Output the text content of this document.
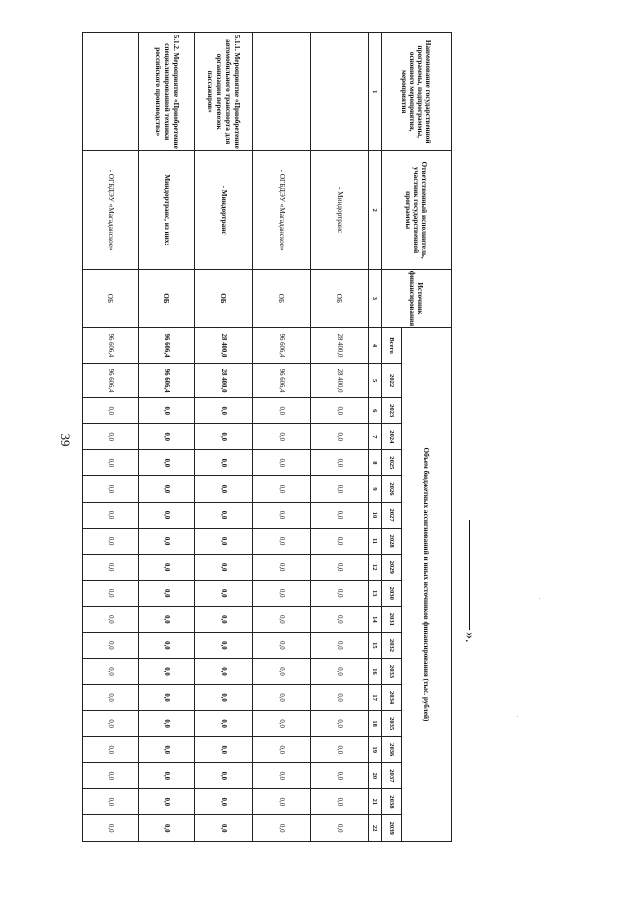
39
Наименование государственной программы, подпрограммы, основного мероприятия, мероприятия	Ответственный исполнитель, участник государственной программы	Источник финансирования	Объем бюджетных ассигнований и иных источников финансирования (тыс. рублей)																		
			Всего	2022	2023	2024	2025	2026	2027	2028	2029	2030	2031	2032	2033	2034	2035	2036	2037	2038	2039
1	2	3	4	5	6	7	8	9	10	11	12	13	14	15	16	17	18	19	20	21	22
	- Миндортранс	ОБ	28 400,0	28 400,0	0,0	0,0	0,0	0,0	0,0	0,0	0,0	0,0	0,0	0,0	0,0	0,0	0,0	0,0	0,0	0,0	0,0
	- ОГБДЭУ «Магаданское»	ОБ	96 606,4	96 606,4	0,0	0,0	0,0	0,0	0,0	0,0	0,0	0,0	0,0	0,0	0,0	0,0	0,0	0,0	0,0	0,0	0,0
5.1.1. Мероприятие «Приобретение автомобильного транспорта для организации перевозок пассажиров»	- Миндортранс	ОБ	28 400,0	28 400,0	0,0	0,0	0,0	0,0	0,0	0,0	0,0	0,0	0,0	0,0	0,0	0,0	0,0	0,0	0,0	0,0	0,0
5.1.2. Мероприятие «Приобретение специализированной техники российского производства»	Миндортранс, из них:	ОБ	96 606,4	96 606,4	0,0	0,0	0,0	0,0	0,0	0,0	0,0	0,0	0,0	0,0	0,0	0,0	0,0	0,0	0,0	0,0	0,0
	- ОГБДЭУ «Магаданское»	ОБ	96 606,4	96 606,4	0,0	0,0	0,0	0,0	0,0	0,0	0,0	0,0	0,0	0,0	0,0	0,0	0,0	0,0	0,0	0,0	0,0
».
